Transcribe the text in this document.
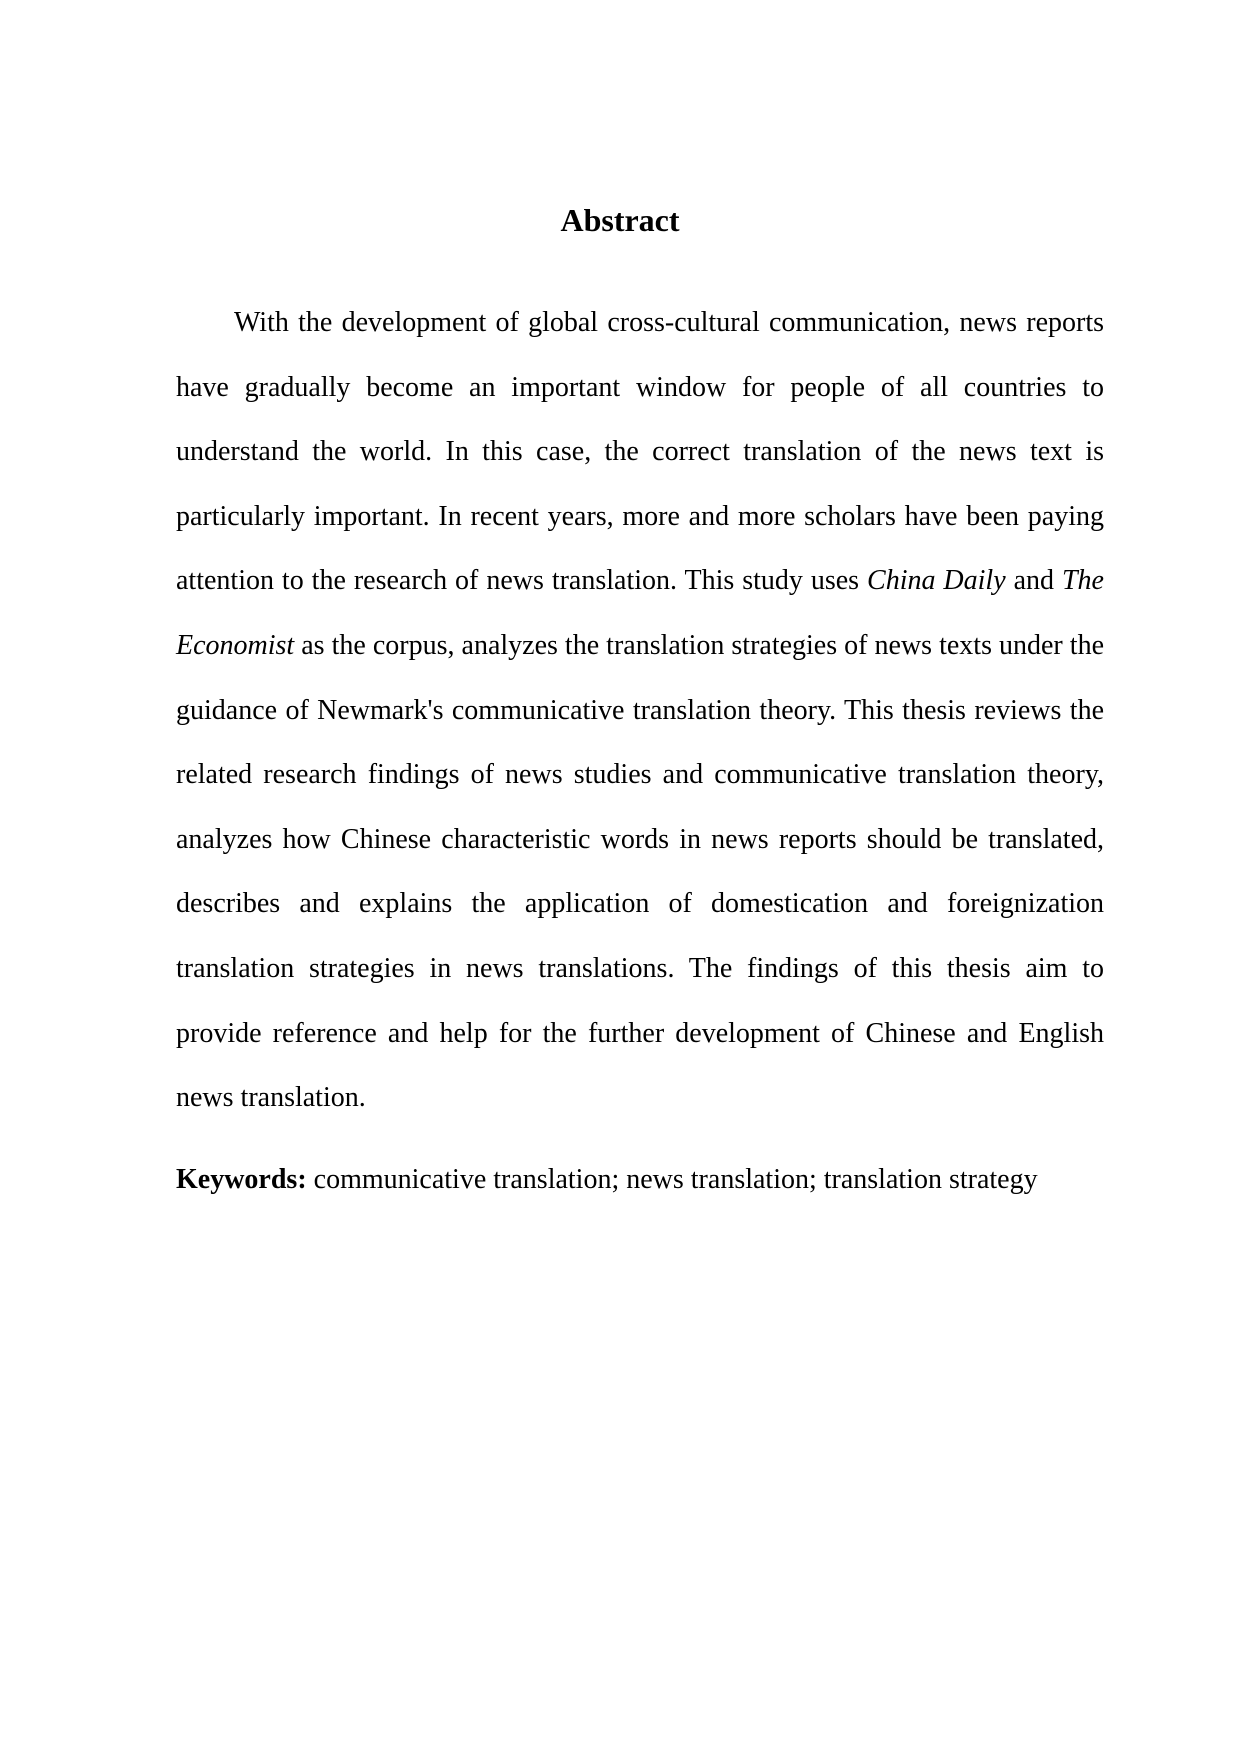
Abstract

With the development of global cross-cultural communication, news reports have gradually become an important window for people of all countries to understand the world. In this case, the correct translation of the news text is particularly important. In recent years, more and more scholars have been paying attention to the research of news translation. This study uses China Daily and The Economist as the corpus, analyzes the translation strategies of news texts under the guidance of Newmark's communicative translation theory. This thesis reviews the related research findings of news studies and communicative translation theory, analyzes how Chinese characteristic words in news reports should be translated, describes and explains the application of domestication and foreignization translation strategies in news translations. The findings of this thesis aim to provide reference and help for the further development of Chinese and English news translation.

Keywords: communicative translation; news translation; translation strategy
